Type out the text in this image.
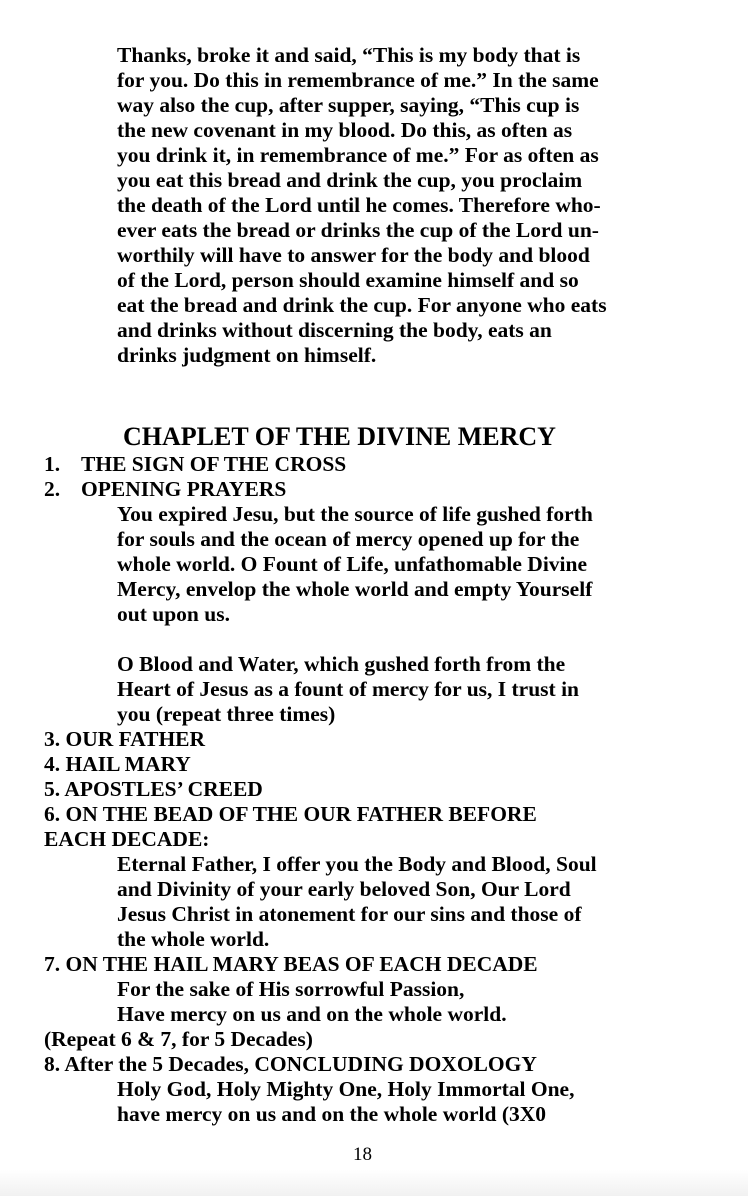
Thanks, broke it and said, “This is my body that is
for you. Do this in remembrance of me.” In the same
way also the cup, after supper, saying, “This cup is
the new covenant in my blood. Do this, as often as
you drink it, in remembrance of me.” For as often as
you eat this bread and drink the cup, you proclaim
the death of the Lord until he comes. Therefore who-
ever eats the bread or drinks the cup of the Lord un-
worthily will have to answer for the body and blood
of the Lord, person should examine himself and so
eat the bread and drink the cup. For anyone who eats
and drinks without discerning the body, eats an
drinks judgment on himself.
CHAPLET OF THE DIVINE MERCY
1. THE SIGN OF THE CROSS
2. OPENING PRAYERS
You expired Jesu, but the source of life gushed forth
for souls and the ocean of mercy opened up for the
whole world. O Fount of Life, unfathomable Divine
Mercy, envelop the whole world and empty Yourself
out upon us.
O Blood and Water, which gushed forth from the
Heart of Jesus as a fount of mercy for us, I trust in
you (repeat three times)
3. OUR FATHER
4. HAIL MARY
5. APOSTLES’ CREED
6. ON THE BEAD OF THE OUR FATHER BEFORE
EACH DECADE:
Eternal Father, I offer you the Body and Blood, Soul
and Divinity of your early beloved Son, Our Lord
Jesus Christ in atonement for our sins and those of
the whole world.
7. ON THE HAIL MARY BEAS OF EACH DECADE
For the sake of His sorrowful Passion,
Have mercy on us and on the whole world.
(Repeat 6 & 7, for 5 Decades)
8. After the 5 Decades, CONCLUDING DOXOLOGY
Holy God, Holy Mighty One, Holy Immortal One,
have mercy on us and on the whole world (3X0
18
